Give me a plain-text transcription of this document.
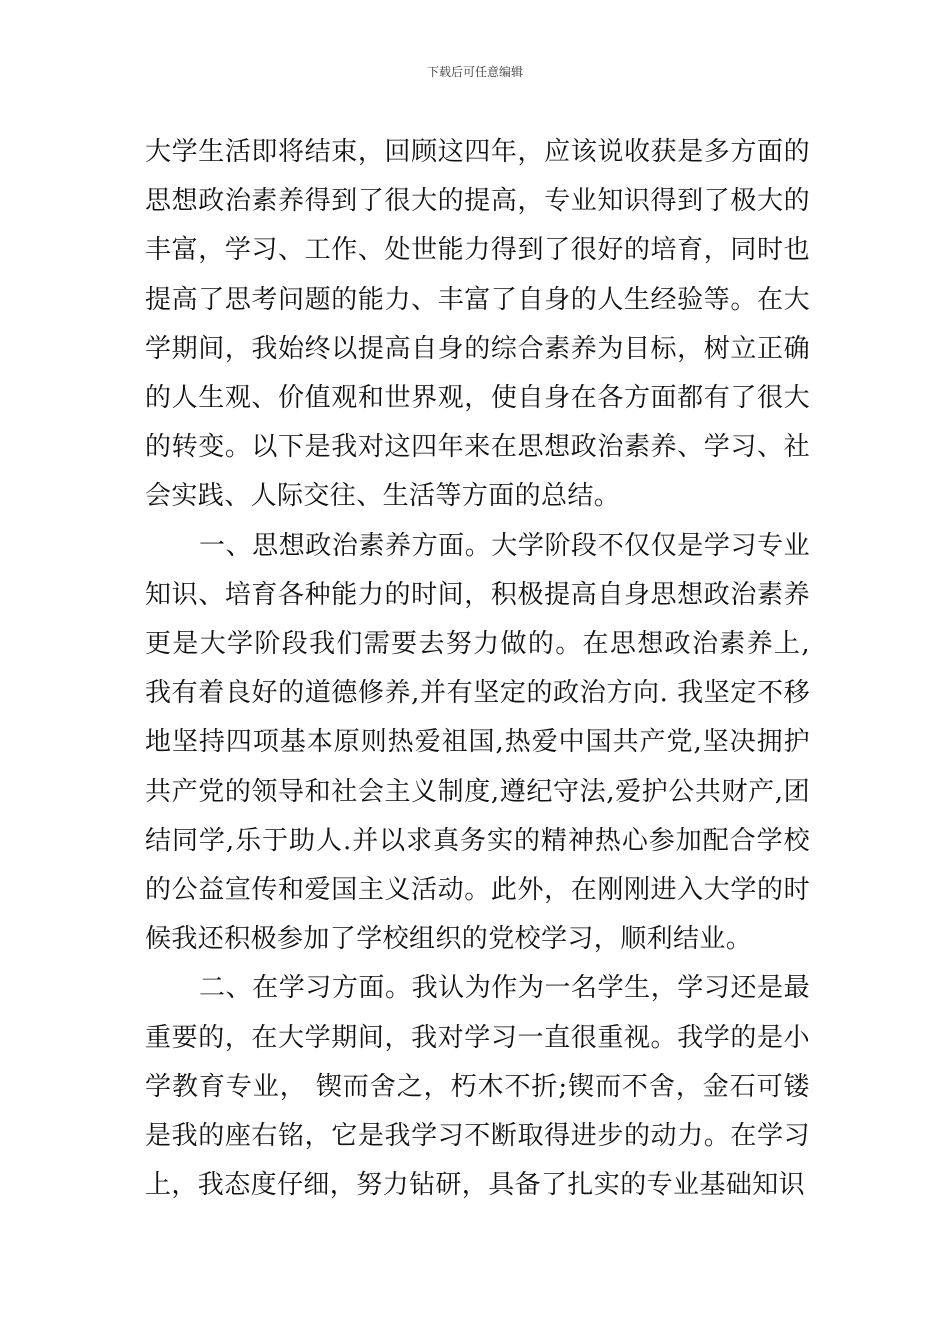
下载后可任意编辑

大学生活即将结束，回顾这四年，应该说收获是多方面的思想政治素养得到了很大的提高，专业知识得到了极大的丰富，学习、工作、处世能力得到了很好的培育，同时也提高了思考问题的能力、丰富了自身的人生经验等。在大学期间，我始终以提高自身的综合素养为目标，树立正确的人生观、价值观和世界观，使自身在各方面都有了很大的转变。以下是我对这四年来在思想政治素养、学习、社会实践、人际交往、生活等方面的总结。

一、思想政治素养方面。大学阶段不仅仅是学习专业知识、培育各种能力的时间，积极提高自身思想政治素养更是大学阶段我们需要去努力做的。在思想政治素养上,我有着良好的道德修养,并有坚定的政治方向. 我坚定不移地坚持四项基本原则热爱祖国,热爱中国共产党,坚决拥护共产党的领导和社会主义制度,遵纪守法,爱护公共财产,团结同学,乐于助人.并以求真务实的精神热心参加配合学校的公益宣传和爱国主义活动。此外，在刚刚进入大学的时候我还积极参加了学校组织的党校学习，顺利结业。

二、在学习方面。我认为作为一名学生，学习还是最重要的，在大学期间，我对学习一直很重视。我学的是小学教育专业， 锲而舍之，朽木不折;锲而不舍，金石可镂是我的座右铭，它是我学习不断取得进步的动力。在学习上，我态度仔细，努力钻研，具备了扎实的专业基础知识
